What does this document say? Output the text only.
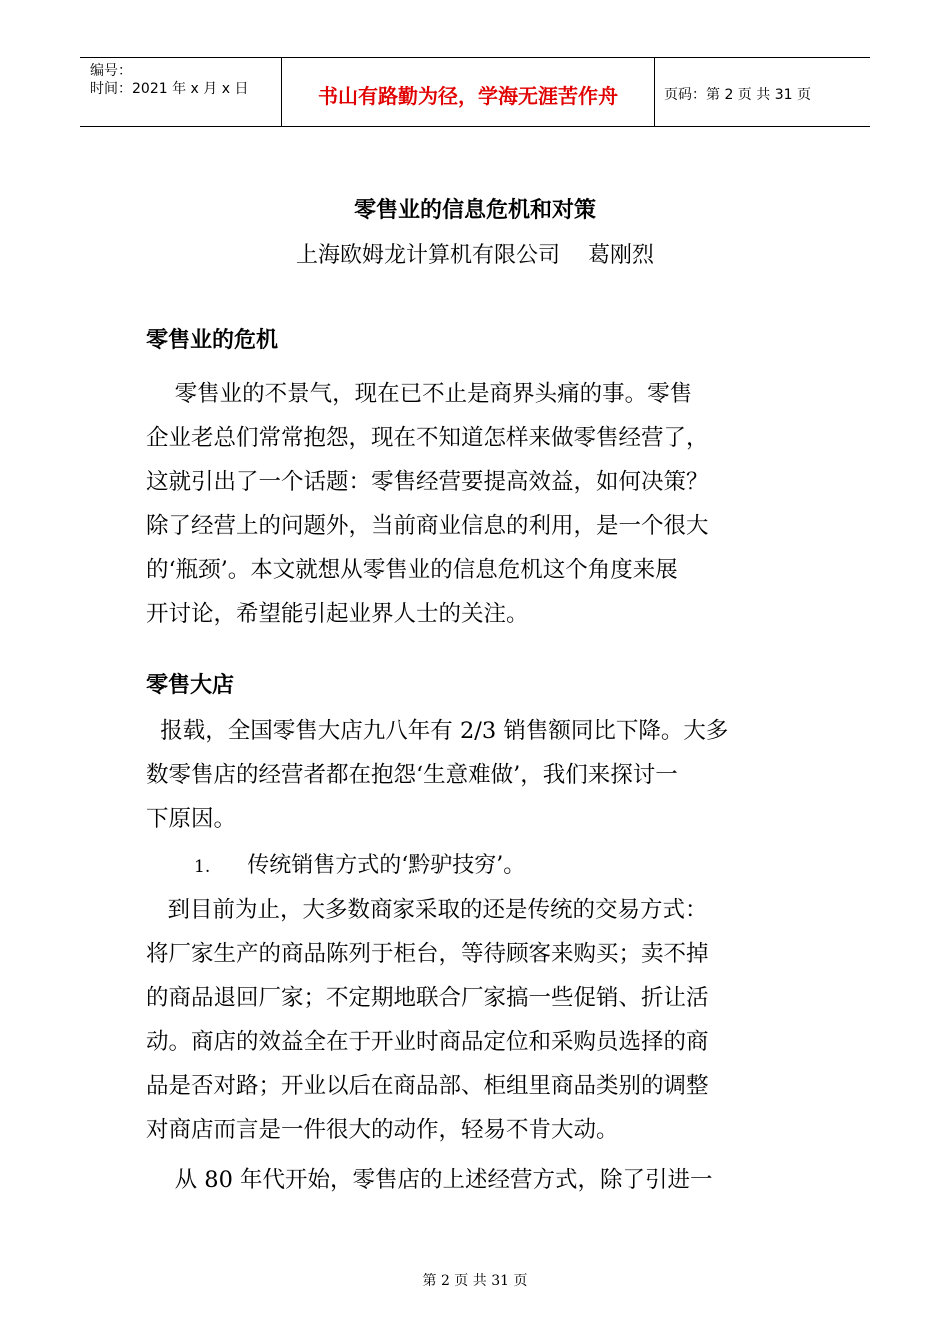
编号：
时间：2021 年 x 月 x 日	书山有路勤为径，学海无涯苦作舟	页码：第 2 页 共 31 页
零售业的信息危机和对策
上海欧姆龙计算机有限公司    葛刚烈
零售业的危机
零售业的不景气，现在已不止是商界头痛的事。零售
企业老总们常常抱怨，现在不知道怎样来做零售经营了，
这就引出了一个话题：零售经营要提高效益，如何决策？
除了经营上的问题外，当前商业信息的利用，是一个很大
的‘瓶颈’。本文就想从零售业的信息危机这个角度来展
开讨论，希望能引起业界人士的关注。
零售大店
报载，全国零售大店九八年有 2/3 销售额同比下降。大多
数零售店的经营者都在抱怨‘生意难做’，我们来探讨一
下原因。
1. 传统销售方式的‘黔驴技穷’。
到目前为止，大多数商家采取的还是传统的交易方式：
将厂家生产的商品陈列于柜台，等待顾客来购买；卖不掉
的商品退回厂家；不定期地联合厂家搞一些促销、折让活
动。商店的效益全在于开业时商品定位和采购员选择的商
品是否对路；开业以后在商品部、柜组里商品类别的调整
对商店而言是一件很大的动作，轻易不肯大动。
从 80 年代开始，零售店的上述经营方式，除了引进一
第 2 页 共 31 页
